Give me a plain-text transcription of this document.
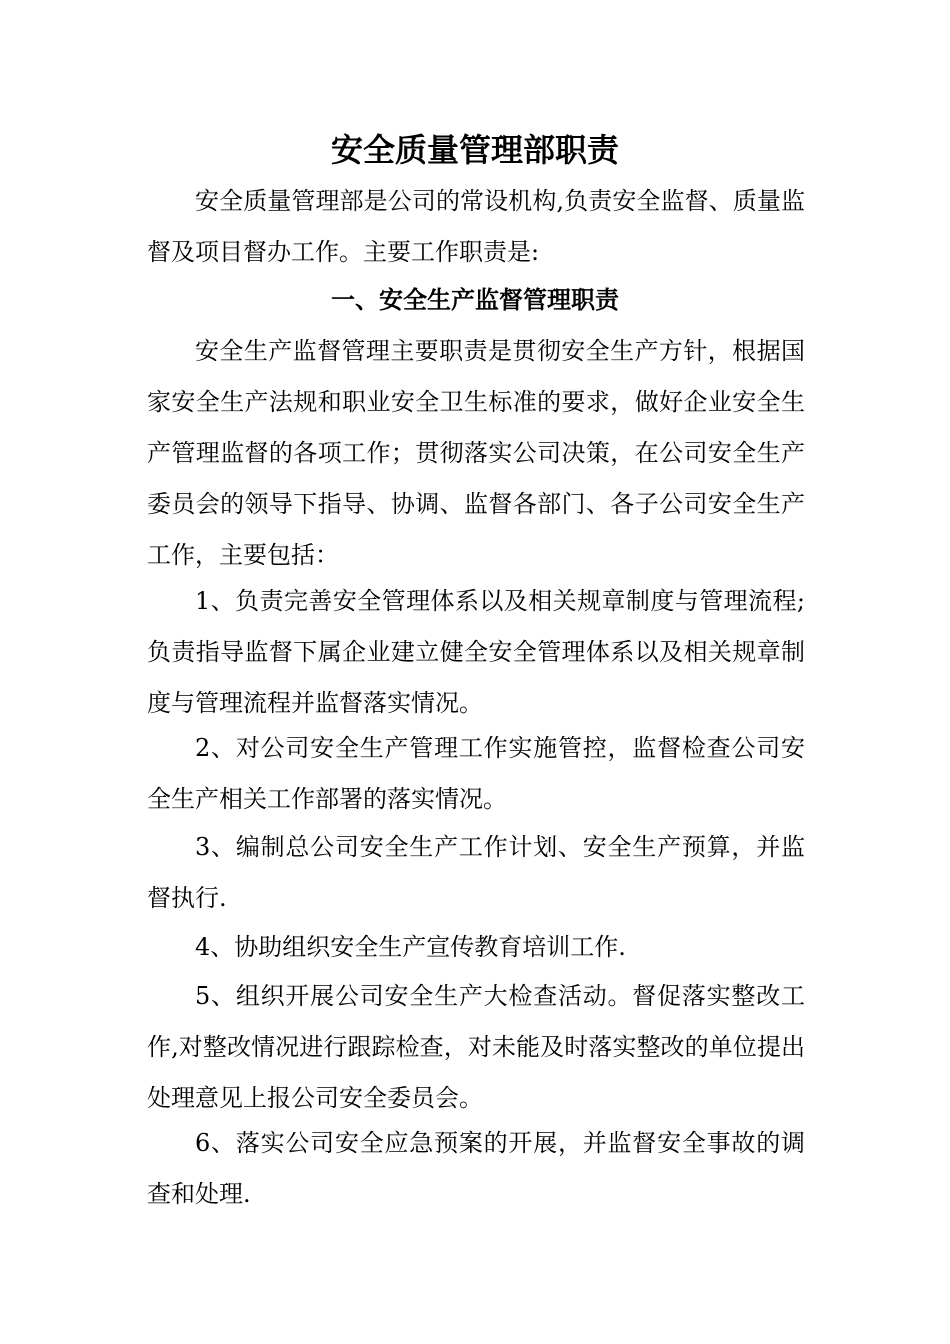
安全质量管理部职责

安全质量管理部是公司的常设机构,负责安全监督、质量监督及项目督办工作。主要工作职责是:

一、安全生产监督管理职责

安全生产监督管理主要职责是贯彻安全生产方针，根据国家安全生产法规和职业安全卫生标准的要求，做好企业安全生产管理监督的各项工作；贯彻落实公司决策，在公司安全生产委员会的领导下指导、协调、监督各部门、各子公司安全生产工作，主要包括：

1、负责完善安全管理体系以及相关规章制度与管理流程;负责指导监督下属企业建立健全安全管理体系以及相关规章制度与管理流程并监督落实情况。

2、对公司安全生产管理工作实施管控，监督检查公司安全生产相关工作部署的落实情况。

3、编制总公司安全生产工作计划、安全生产预算，并监督执行.

4、协助组织安全生产宣传教育培训工作.

5、组织开展公司安全生产大检查活动。督促落实整改工作,对整改情况进行跟踪检查，对未能及时落实整改的单位提出处理意见上报公司安全委员会。

6、落实公司安全应急预案的开展，并监督安全事故的调查和处理.
